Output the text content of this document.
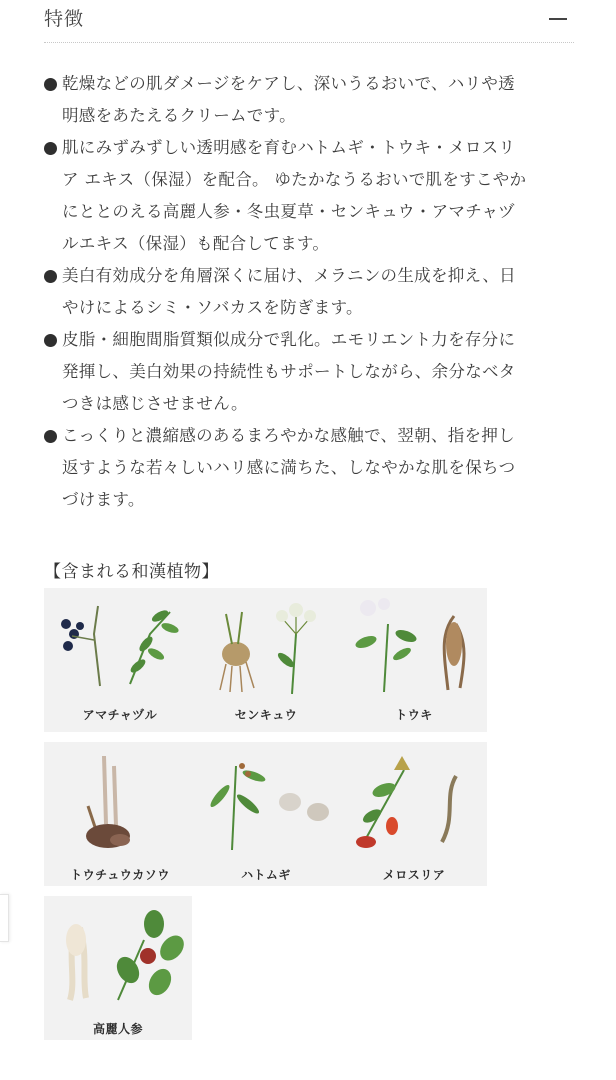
特徴
乾燥などの肌ダメージをケアし、深いうるおいで、ハリや透
明感をあたえるクリームです。
肌にみずみずしい透明感を育むハトムギ・トウキ・メロスリ
ア エキス（保湿）を配合。 ゆたかなうるおいで肌をすこやか
にととのえる高麗人参・冬虫夏草・センキュウ・アマチャヅ
ルエキス（保湿）も配合してます。
美白有効成分を角層深くに届け、メラニンの生成を抑え、日
やけによるシミ・ソバカスを防ぎます。
皮脂・細胞間脂質類似成分で乳化。エモリエント力を存分に
発揮し、美白効果の持続性もサポートしながら、余分なベタ
つきは感じさせません。
こっくりと濃縮感のあるまろやかな感触で、翌朝、指を押し
返すような若々しいハリ感に満ちた、しなやかな肌を保ちつ
づけます。
【含まれる和漢植物】
アマチャヅル	センキュウ	トウキ
トウチュウカソウ	ハトムギ	メロスリア
高麗人参
